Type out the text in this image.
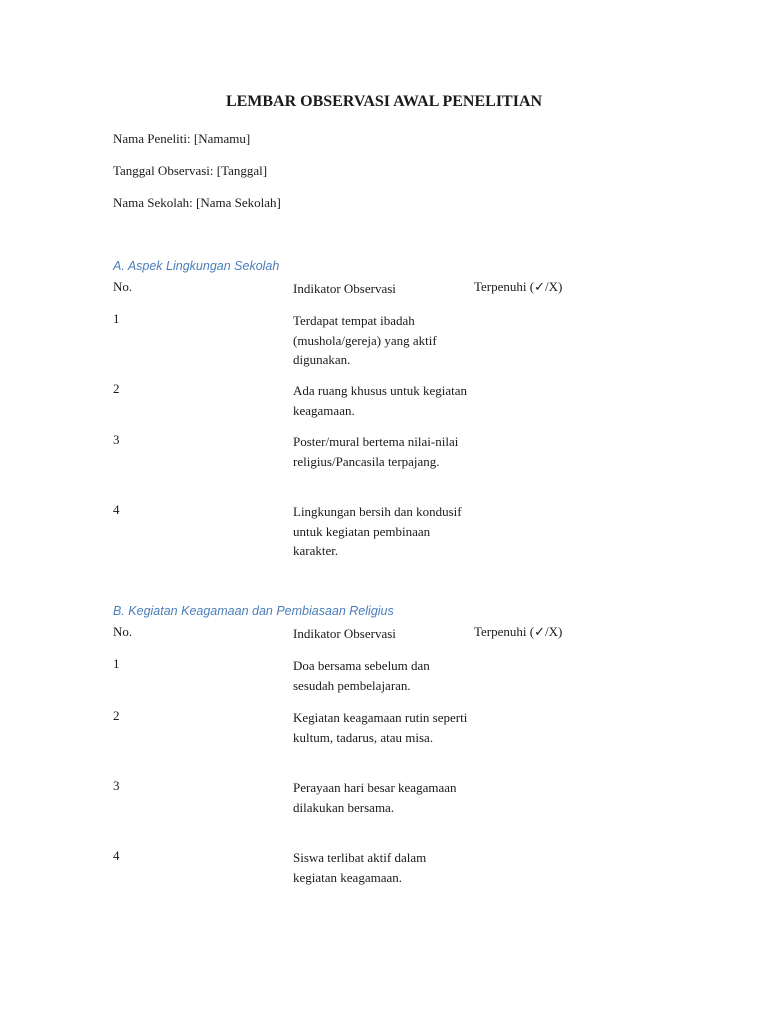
LEMBAR OBSERVASI AWAL PENELITIAN
Nama Peneliti: [Namamu]
Tanggal Observasi: [Tanggal]
Nama Sekolah: [Nama Sekolah]
A. Aspek Lingkungan Sekolah
No.	Indikator Observasi	Terpenuhi (✓/X)
1	Terdapat tempat ibadah (mushola/gereja) yang aktif digunakan.
2	Ada ruang khusus untuk kegiatan keagamaan.
3	Poster/mural bertema nilai-nilai religius/Pancasila terpajang.
4	Lingkungan bersih dan kondusif untuk kegiatan pembinaan karakter.
B. Kegiatan Keagamaan dan Pembiasaan Religius
No.	Indikator Observasi	Terpenuhi (✓/X)
1	Doa bersama sebelum dan sesudah pembelajaran.
2	Kegiatan keagamaan rutin seperti kultum, tadarus, atau misa.
3	Perayaan hari besar keagamaan dilakukan bersama.
4	Siswa terlibat aktif dalam kegiatan keagamaan.
